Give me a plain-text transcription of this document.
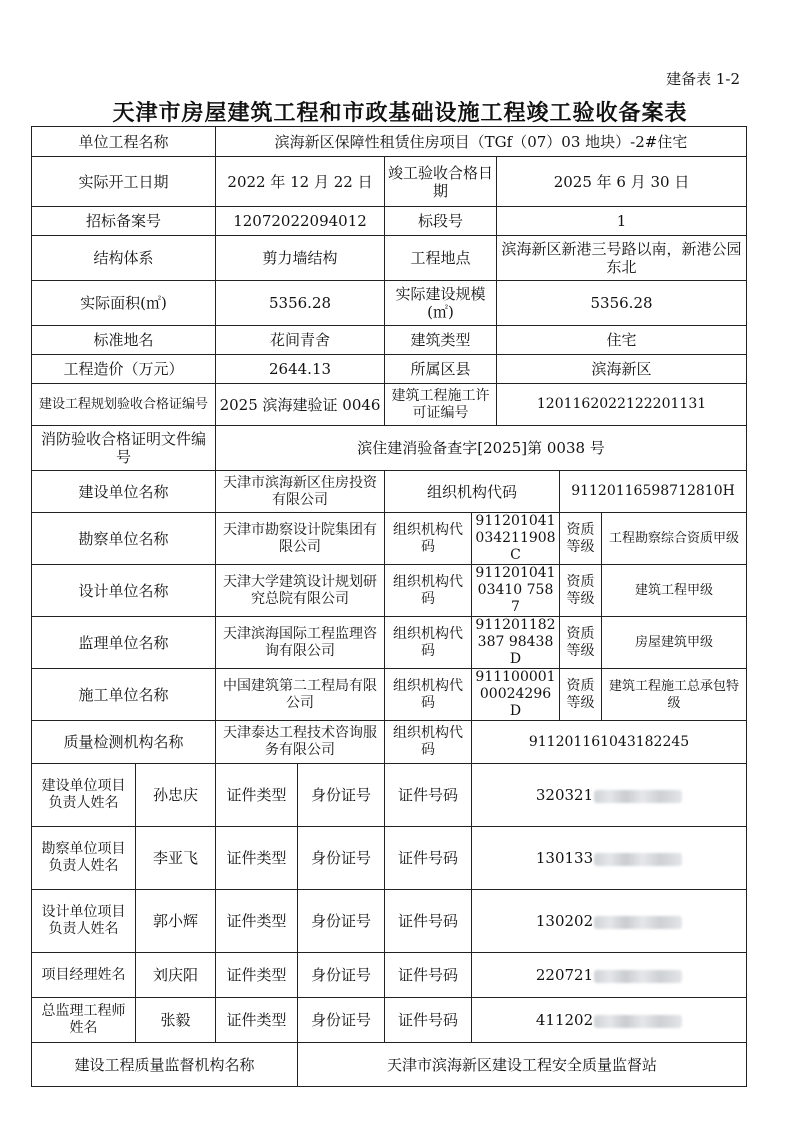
建备表 1-2
天津市房屋建筑工程和市政基础设施工程竣工验收备案表
单位工程名称		滨海新区保障性租赁住房项目（TGf（07）03 地块）-2#住宅						
实际开工日期		2022 年 12 月 22 日		竣工验收合格日期		2025 年 6 月 30 日		
招标备案号		12072022094012		标段号		1		
结构体系		剪力墙结构		工程地点		滨海新区新港三号路以南，新港公园东北		
实际面积(㎡)		5356.28		实际建设规模(㎡)		5356.28		
标准地名		花间青舍		建筑类型		住宅		
工程造价（万元）		2644.13		所属区县		滨海新区		
建设工程规划验收合格证编号		2025 滨海建验证 0046		建筑工程施工许可证编号		1201162022122201131		
消防验收合格证明文件编号		滨住建消验备查字[2025]第 0038 号						
建设单位名称		天津市滨海新区住房投资有限公司		组织机构代码			91120116598712810H	
勘察单位名称		天津市勘察设计院集团有限公司		组织机构代码	911201041034211908C		资质等级	工程勘察综合资质甲级
设计单位名称		天津大学建筑设计规划研究总院有限公司		组织机构代码	91120104103410 7587		资质等级	建筑工程甲级
监理单位名称		天津滨海国际工程监理咨询有限公司		组织机构代码	911201182387 98438D		资质等级	房屋建筑甲级
施工单位名称		中国建筑第二工程局有限公司		组织机构代码	91110000100024296D		资质等级	建筑工程施工总承包特级
质量检测机构名称		天津泰达工程技术咨询服务有限公司		组织机构代码	911201161043182245			
建设单位项目负责人姓名	孙忠庆	证件类型	身份证号	证件号码	320321			
勘察单位项目负责人姓名	李亚飞	证件类型	身份证号	证件号码	130133			
设计单位项目负责人姓名	郭小辉	证件类型	身份证号	证件号码	130202			
项目经理姓名	刘庆阳	证件类型	身份证号	证件号码	220721			
总监理工程师姓名	张毅	证件类型	身份证号	证件号码	411202			
建设工程质量监督机构名称			天津市滨海新区建设工程安全质量监督站					
